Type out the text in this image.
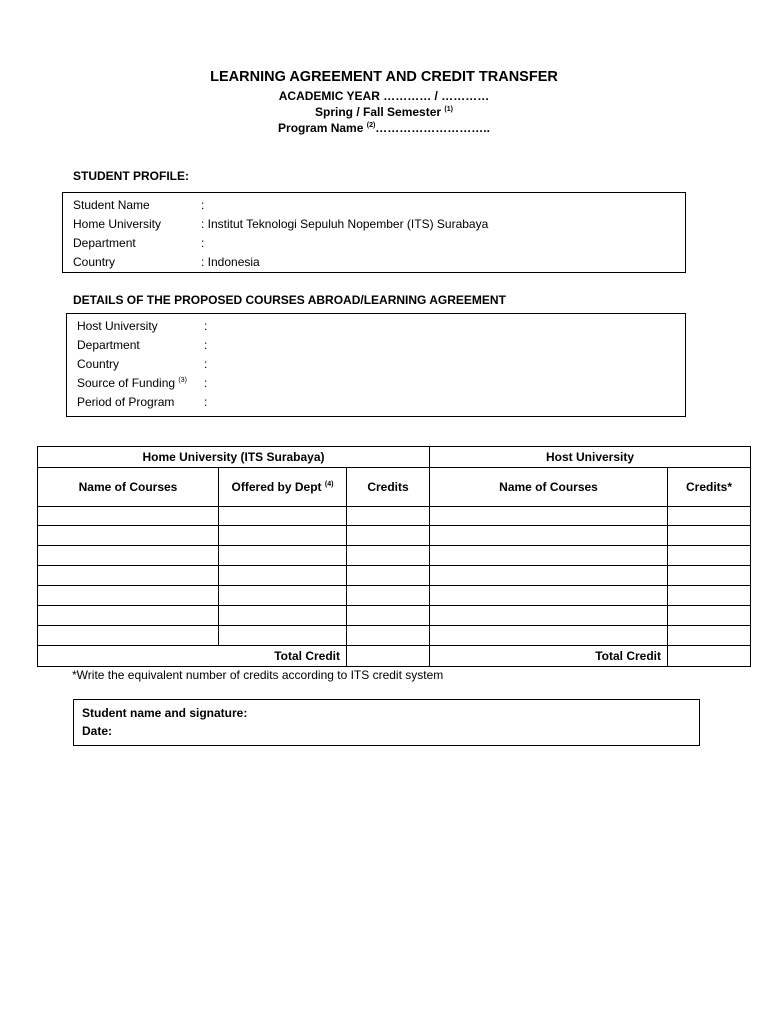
LEARNING AGREEMENT AND CREDIT TRANSFER
ACADEMIC YEAR ………… / …………
Spring / Fall Semester $^{(1)}$
Program Name $^{(2)}$………………………..
STUDENT PROFILE:
Student Name	:
Home University	: Institut Teknologi Sepuluh Nopember (ITS) Surabaya
Department	:
Country	: Indonesia
DETAILS OF THE PROPOSED COURSES ABROAD/LEARNING AGREEMENT
Host University	:
Department	:
Country	:
Source of Funding $^{(3)}$ :
Period of Program :
Home University (ITS Surabaya)			Host University	
Name of Courses	Offered by Dept $^{(4)}$	Credits	Name of Courses	Credits*

Total Credit			Total Credit	
*Write the equivalent number of credits according to ITS credit system
Student name and signature:
Date:
